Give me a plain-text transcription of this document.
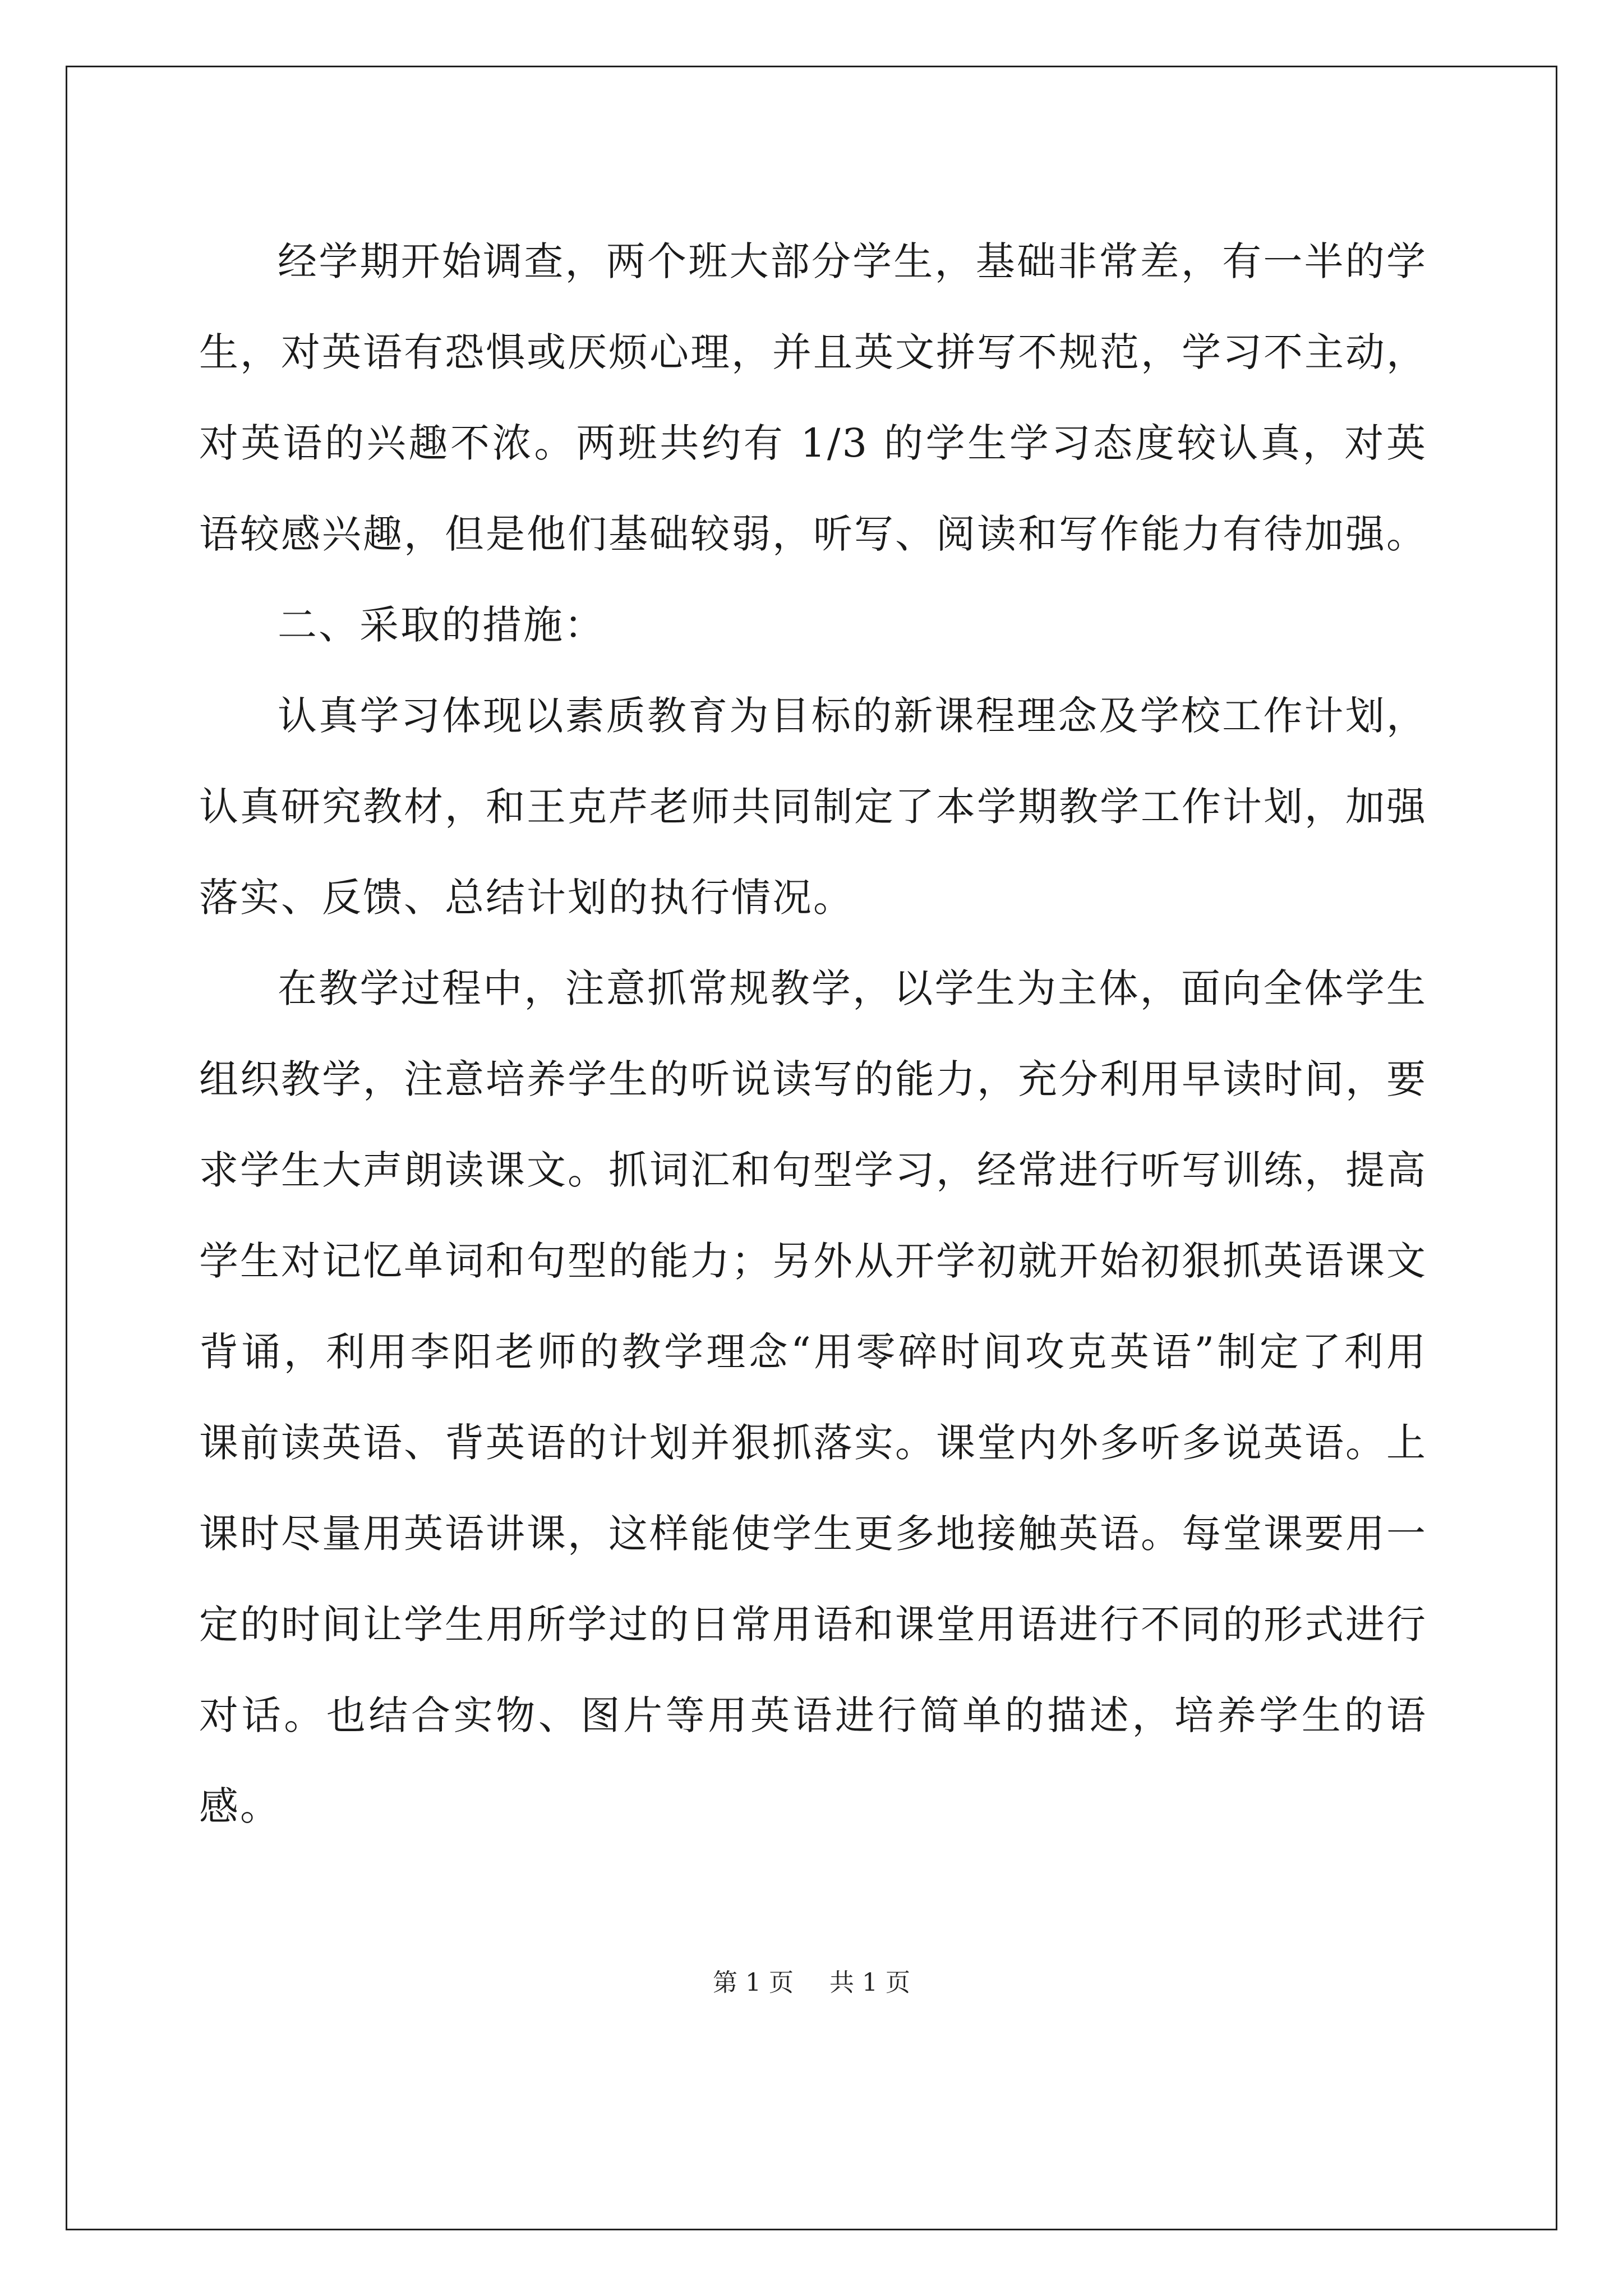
经学期开始调查，两个班大部分学生，基础非常差，有一半的学生，对英语有恐惧或厌烦心理，并且英文拼写不规范，学习不主动，对英语的兴趣不浓。两班共约有 1/3 的学生学习态度较认真，对英语较感兴趣，但是他们基础较弱，听写、阅读和写作能力有待加强。

二、采取的措施：

认真学习体现以素质教育为目标的新课程理念及学校工作计划，认真研究教材，和王克芹老师共同制定了本学期教学工作计划，加强落实、反馈、总结计划的执行情况。

在教学过程中，注意抓常规教学，以学生为主体，面向全体学生组织教学，注意培养学生的听说读写的能力，充分利用早读时间，要求学生大声朗读课文。抓词汇和句型学习，经常进行听写训练，提高学生对记忆单词和句型的能力；另外从开学初就开始初狠抓英语课文背诵，利用李阳老师的教学理念“用零碎时间攻克英语”制定了利用课前读英语、背英语的计划并狠抓落实。课堂内外多听多说英语。上课时尽量用英语讲课，这样能使学生更多地接触英语。每堂课要用一定的时间让学生用所学过的日常用语和课堂用语进行不同的形式进行对话。也结合实物、图片等用英语进行简单的描述，培养学生的语感。

第 1 页 共 1 页
